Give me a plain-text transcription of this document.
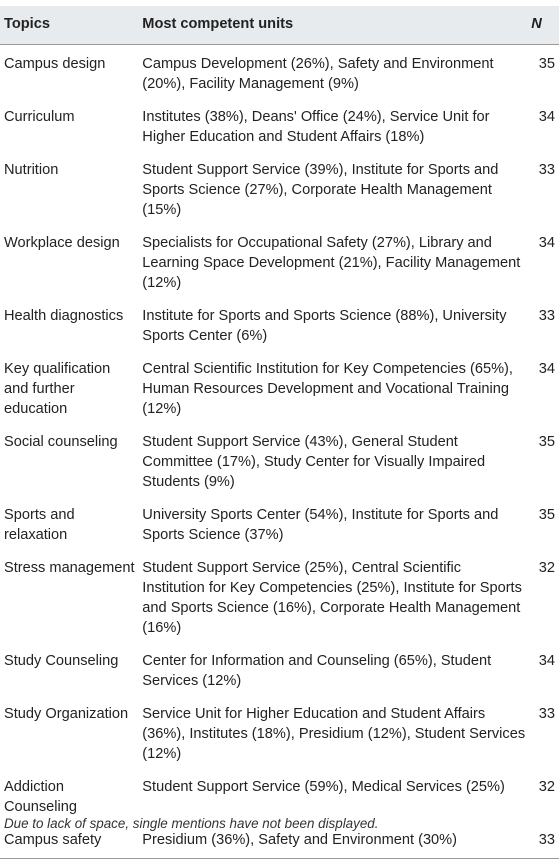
Topics	Most competent units	N
Campus design	Campus Development (26%), Safety and Environment (20%), Facility Management (9%)	35
Curriculum	Institutes (38%), Deans' Office (24%), Service Unit for Higher Education and Student Affairs (18%)	34
Nutrition	Student Support Service (39%), Institute for Sports and Sports Science (27%), Corporate Health Management (15%)	33
Workplace design	Specialists for Occupational Safety (27%), Library and Learning Space Development (21%), Facility Management (12%)	34
Health diagnostics	Institute for Sports and Sports Science (88%), University Sports Center (6%)	33
Key qualification and further education	Central Scientific Institution for Key Competencies (65%), Human Resources Development and Vocational Training (12%)	34
Social counseling	Student Support Service (43%), General Student Committee (17%), Study Center for Visually Impaired Students (9%)	35
Sports and relaxation	University Sports Center (54%), Institute for Sports and Sports Science (37%)	35
Stress management	Student Support Service (25%), Central Scientific Institution for Key Competencies (25%), Institute for Sports and Sports Science (16%), Corporate Health Management (16%)	32
Study Counseling	Center for Information and Counseling (65%), Student Services (12%)	34
Study Organization	Service Unit for Higher Education and Student Affairs (36%), Institutes (18%), Presidium (12%), Student Services (12%)	33
Addiction Counseling	Student Support Service (59%), Medical Services (25%)	32
Campus safety	Presidium (36%), Safety and Environment (30%)	33
Due to lack of space, single mentions have not been displayed.
